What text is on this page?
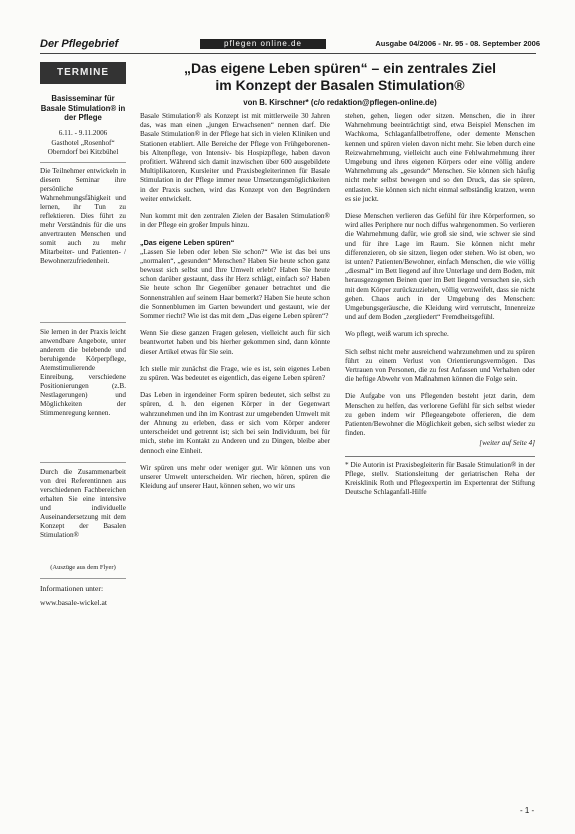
Der Pflegebrief	pflegen online.de	Ausgabe 04/2006 - Nr. 95 - 08. September 2006
TERMINE
Basisseminar für Basale Stimulation® in der Pflege
6.11. - 9.11.2006
Gasthotel „Rosenhof“ Oberndorf bei Kitzbühel
Die Teilnehmer entwickeln in diesem Seminar ihre persönliche Wahrnehmungsfähigkeit und lernen, ihr Tun zu reflektieren. Dies führt zu mehr Verständnis für die uns anvertrauten Menschen und somit auch zu mehr Mitarbeiter- und Patienten- / Bewohnerzufriedenheit.
Sie lernen in der Praxis leicht anwendbare Angebote, unter anderem die belebende und beruhigende Körperpflege, Atemstimulierende Einreibung, verschiedene Positionierungen (z.B. Nestlagerungen) und Möglichkeiten der Stimmenregung kennen.
Durch die Zusammenarbeit von drei Referentinnen aus verschiedenen Fachbereichen erhalten Sie eine intensive und individuelle Auseinandersetzung mit dem Konzept der Basalen Stimulation®
(Auszüge aus dem Flyer)
Informationen unter:
www.basale-wickel.at
„Das eigene Leben spüren“ – ein zentrales Ziel
im Konzept der Basalen Stimulation®
von B. Kirschner* (c/o redaktion@pflegen-online.de)

Basale Stimulation® als Konzept ist mit mittlerweile 30 Jahren das, was man einen „jungen Erwachsenen“ nennen darf. Die Basale Stimulation® in der Pflege hat sich in vielen Kliniken und Stationen etabliert. Alle Bereiche der Pflege von Frühgeborenen- bis Altenpflege, von Intensiv- bis Hospizpflege, haben davon profitiert. Während sich damit inzwischen über 600 ausgebildete Multiplikatoren, Kursleiter und Praxisbegleiterinnen für Basale Stimulation in der Pflege immer neue Umsetzungsmöglichkeiten in der Praxis suchen, wird das Konzept von den Begründern weiter entwickelt.

Nun kommt mit den zentralen Zielen der Basalen Stimulation® in der Pflege ein großer Impuls hinzu.

„Das eigene Leben spüren“

„Lassen Sie leben oder leben Sie schon?“ Wie ist das bei uns „normalen“, „gesunden“ Menschen? Haben Sie heute schon ganz bewusst sich selbst und Ihre Umwelt erlebt? Haben Sie heute schon darüber gestaunt, dass ihr Herz schlägt, einfach so? Haben Sie heute schon Ihr Gegenüber genauer betrachtet und die Sonnenstrahlen auf seinem Haar bemerkt? Haben Sie heute schon die Sonnenblumen im Garten bewundert und gestaunt, wie der Sommer riecht? Wie ist das mit dem „Das eigene Leben spüren“?

Wenn Sie diese ganzen Fragen gelesen, vielleicht auch für sich beantwortet haben und bis hierher gekommen sind, dann könnte dieser Artikel etwas für Sie sein.

Ich stelle mir zunächst die Frage, wie es ist, sein eigenes Leben zu spüren. Was bedeutet es eigentlich, das eigene Leben spüren?

Das Leben in irgendeiner Form spüren bedeutet, sich selbst zu spüren, d. h. den eigenen Körper in der Gegenwart wahrzunehmen und ihn im Kontrast zur umgebenden Umwelt mit der Ahnung zu erleben, dass er sich vom Körper anderer unterscheidet und getrennt ist; sich bei sein Individuum, bei für mich, stehe im Kontakt zu Anderen und zu Dingen, bleibe aber dennoch eine Einheit.

Wir spüren uns mehr oder weniger gut. Wir können uns von unserer Umwelt unterscheiden. Wir riechen, hören, spüren die Kleidung auf unserer Haut, können sehen, wo wir uns

stehen, gehen, liegen oder sitzen. Menschen, die in ihrer Wahrnehmung beeinträchtigt sind, etwa Beispiel Menschen im Wachkoma, Schlaganfallbetroffene, oder demente Menschen kennen und spüren vielen davon nicht mehr. Sie leben durch eine Reizwahrnehmung, vielleicht auch eine Fehlwahrnehmung ihrer Umgebung und ihres eigenen Körpers oder eine völlig andere Wahrnehmung als „gesunde“ Menschen. Sie können sich häufig nicht mehr selbst bewegen und so den Druck, das sie spüren, entlasten. Sie können sich nicht einmal selbständig kratzen, wenn es sie juckt.

Diese Menschen verlieren das Gefühl für ihre Körperformen, so wird alles Periphere nur noch diffus wahrgenommen. So verlieren die Wahrnehmung dafür, wie groß sie sind, wie schwer sie sind und für ihre Lage im Raum. Sie können nicht mehr differenzieren, ob sie sitzen, liegen oder stehen. Wo ist oben, wo ist unten? Patienten/Bewohner, einfach Menschen, die wie völlig „diesmal“ im Bett liegend auf ihre Unterlage und dem Boden, mit herausgezogenen Beinen quer im Bett liegend versuchen sie, sich mit dem Körper zurückzuziehen, völlig verzweifelt, dass sie nicht gehen. Chaos auch in der Umgebung des Menschen: Umgebungsgeräusche, die Kleidung wird verrutscht, Innenreize und auf dem Boden „zergliedert“ Fremdheitsgefühl.

Wo pflegt, weiß warum ich spreche.

Sich selbst nicht mehr ausreichend wahrzunehmen und zu spüren führt zu einem Verlust von Orientierungsvermögen. Das Vertrauen von Personen, die zu fest Anfassen und Verhalten oder die heftige Abwehr von Maßnahmen können die Folge sein.

Die Aufgabe von uns Pflegenden besteht jetzt darin, dem Menschen zu helfen, das verlorene Gefühl für sich selbst wieder zu geben indem wir Pflegeangebote offerieren, die dem Patienten/Bewohner die Möglichkeit geben, sich selbst wieder zu finden.

[weiter auf Seite 4]

* Die Autorin ist Praxisbegleiterin für Basale Stimulation® in der Pflege, stellv. Stationsleitung der geriatrischen Reha der Kreisklinik Roth und Pflegeexpertin im Expertenrat der Stiftung Deutsche Schlaganfall-Hilfe

- 1 -
